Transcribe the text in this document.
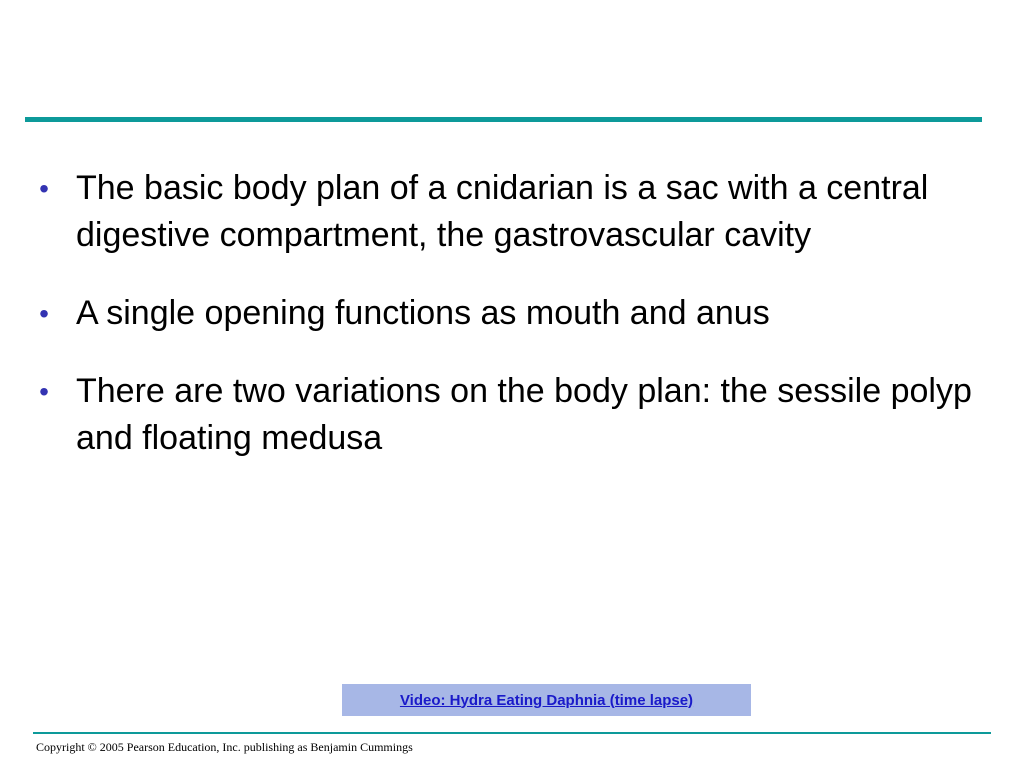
• The basic body plan of a cnidarian is a sac with a central digestive compartment, the gastrovascular cavity
• A single opening functions as mouth and anus
• There are two variations on the body plan: the sessile polyp and floating medusa
Video: Hydra Eating Daphnia (time lapse)
Copyright © 2005 Pearson Education, Inc. publishing as Benjamin Cummings
